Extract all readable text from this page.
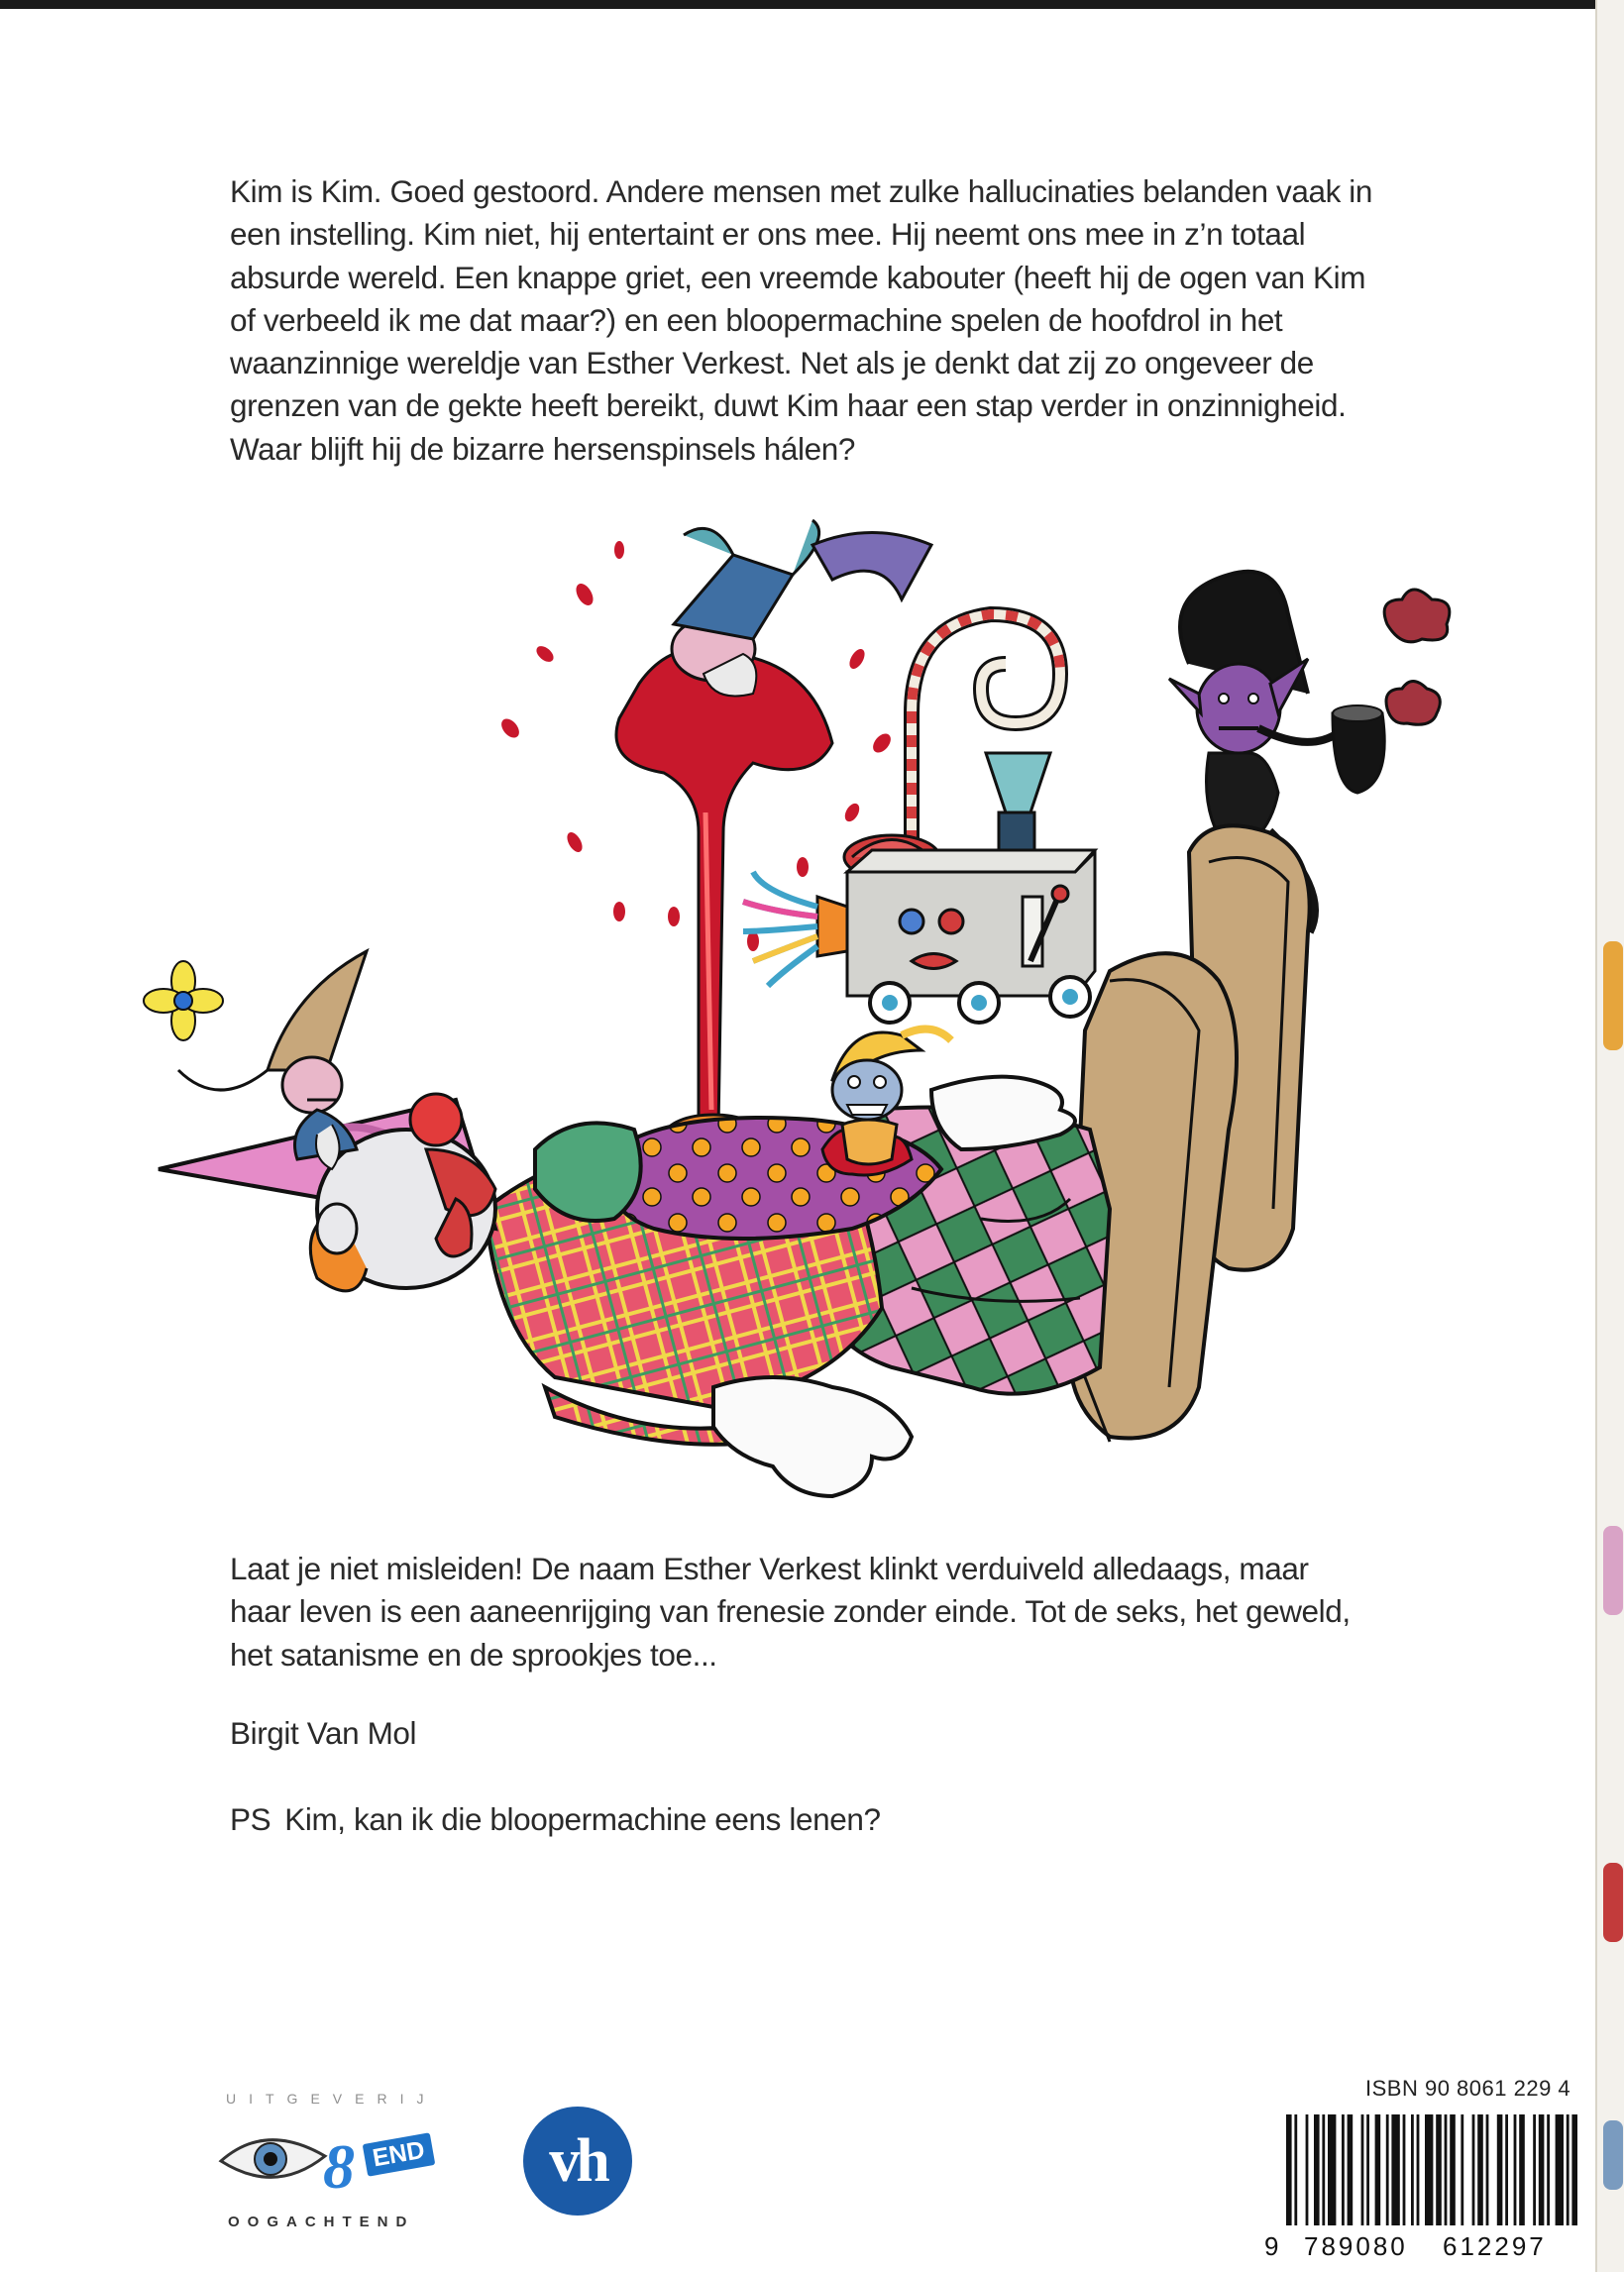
Kim is Kim. Goed gestoord. Andere mensen met zulke hallucinaties belanden vaak in

een instelling. Kim niet, hij entertaint er ons mee. Hij neemt ons mee in z’n totaal

absurde wereld. Een knappe griet, een vreemde kabouter (heeft hij de ogen van Kim

of verbeeld ik me dat maar?) en een bloopermachine spelen de hoofdrol in het

waanzinnige wereldje van Esther Verkest. Net als je denkt dat zij zo ongeveer de

grenzen van de gekte heeft bereikt, duwt Kim haar een stap verder in onzinnigheid.

Waar blijft hij de bizarre hersenspinsels hálen?

Laat je niet misleiden! De naam Esther Verkest klinkt verduiveld alledaags, maar

haar leven is een aaneenrijging van frenesie zonder einde. Tot de seks, het geweld,

het satanisme en de sprookjes toe...

Birgit Van Mol

PS Kim, kan ik die bloopermachine eens lenen?

UITGEVERIJ
8 END
OOGACHTEND
vh
ISBN 90 8061 229 4
9 789080 612297
